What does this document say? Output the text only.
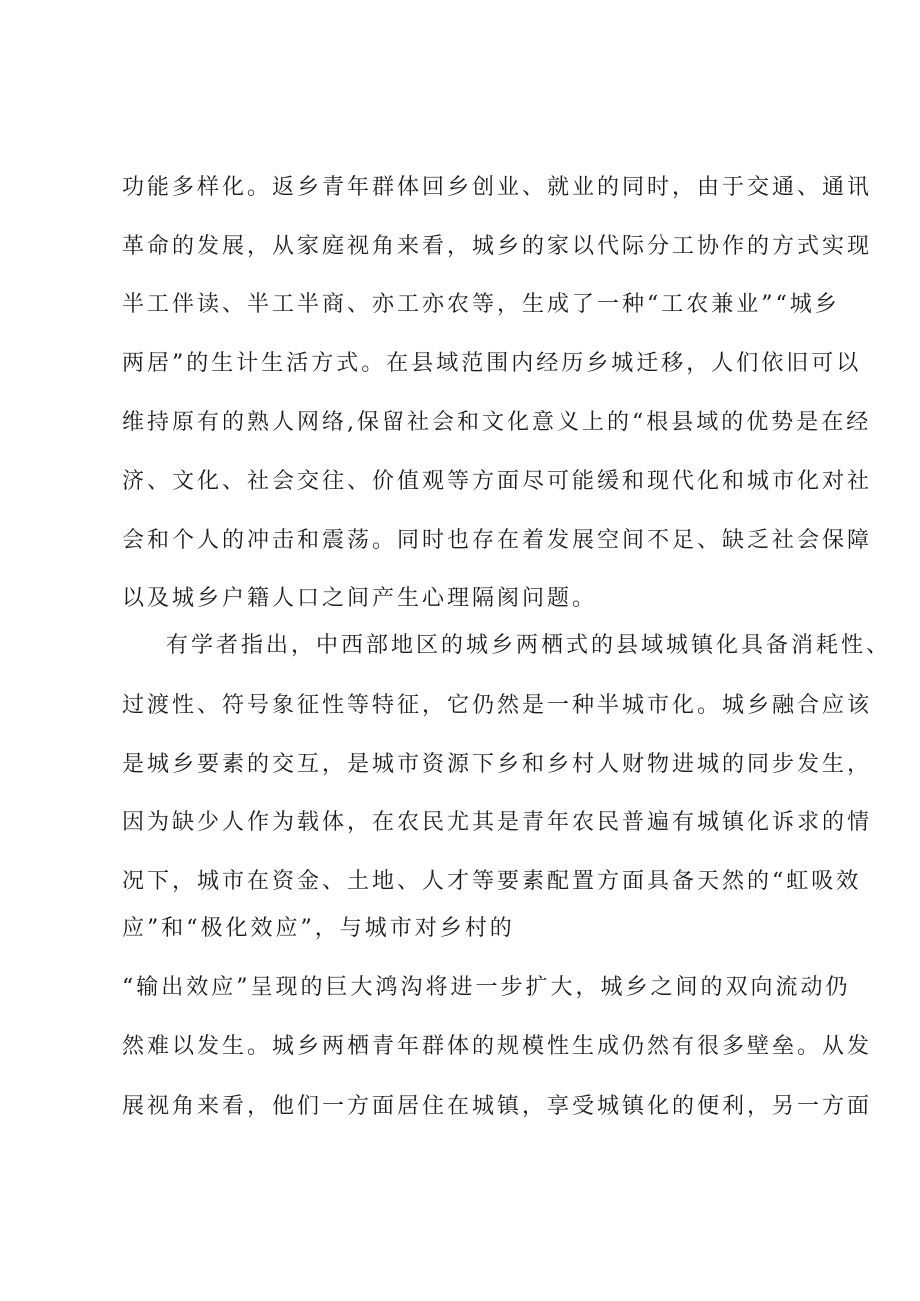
功能多样化。返乡青年群体回乡创业、就业的同时，由于交通、通讯
革命的发展，从家庭视角来看，城乡的家以代际分工协作的方式实现
半工伴读、半工半商、亦工亦农等，生成了一种“工农兼业”“城乡
两居”的生计生活方式。在县域范围内经历乡城迁移，人们依旧可以
维持原有的熟人网络,保留社会和文化意义上的“根县域的优势是在经
济、文化、社会交往、价值观等方面尽可能缓和现代化和城市化对社
会和个人的冲击和震荡。同时也存在着发展空间不足、缺乏社会保障
以及城乡户籍人口之间产生心理隔阂问题。
有学者指出，中西部地区的城乡两栖式的县域城镇化具备消耗性、
过渡性、符号象征性等特征，它仍然是一种半城市化。城乡融合应该
是城乡要素的交互，是城市资源下乡和乡村人财物进城的同步发生，
因为缺少人作为载体，在农民尤其是青年农民普遍有城镇化诉求的情
况下，城市在资金、土地、人才等要素配置方面具备天然的“虹吸效
应”和“极化效应”，与城市对乡村的
“输出效应”呈现的巨大鸿沟将进一步扩大，城乡之间的双向流动仍
然难以发生。城乡两栖青年群体的规模性生成仍然有很多壁垒。从发
展视角来看，他们一方面居住在城镇，享受城镇化的便利，另一方面
